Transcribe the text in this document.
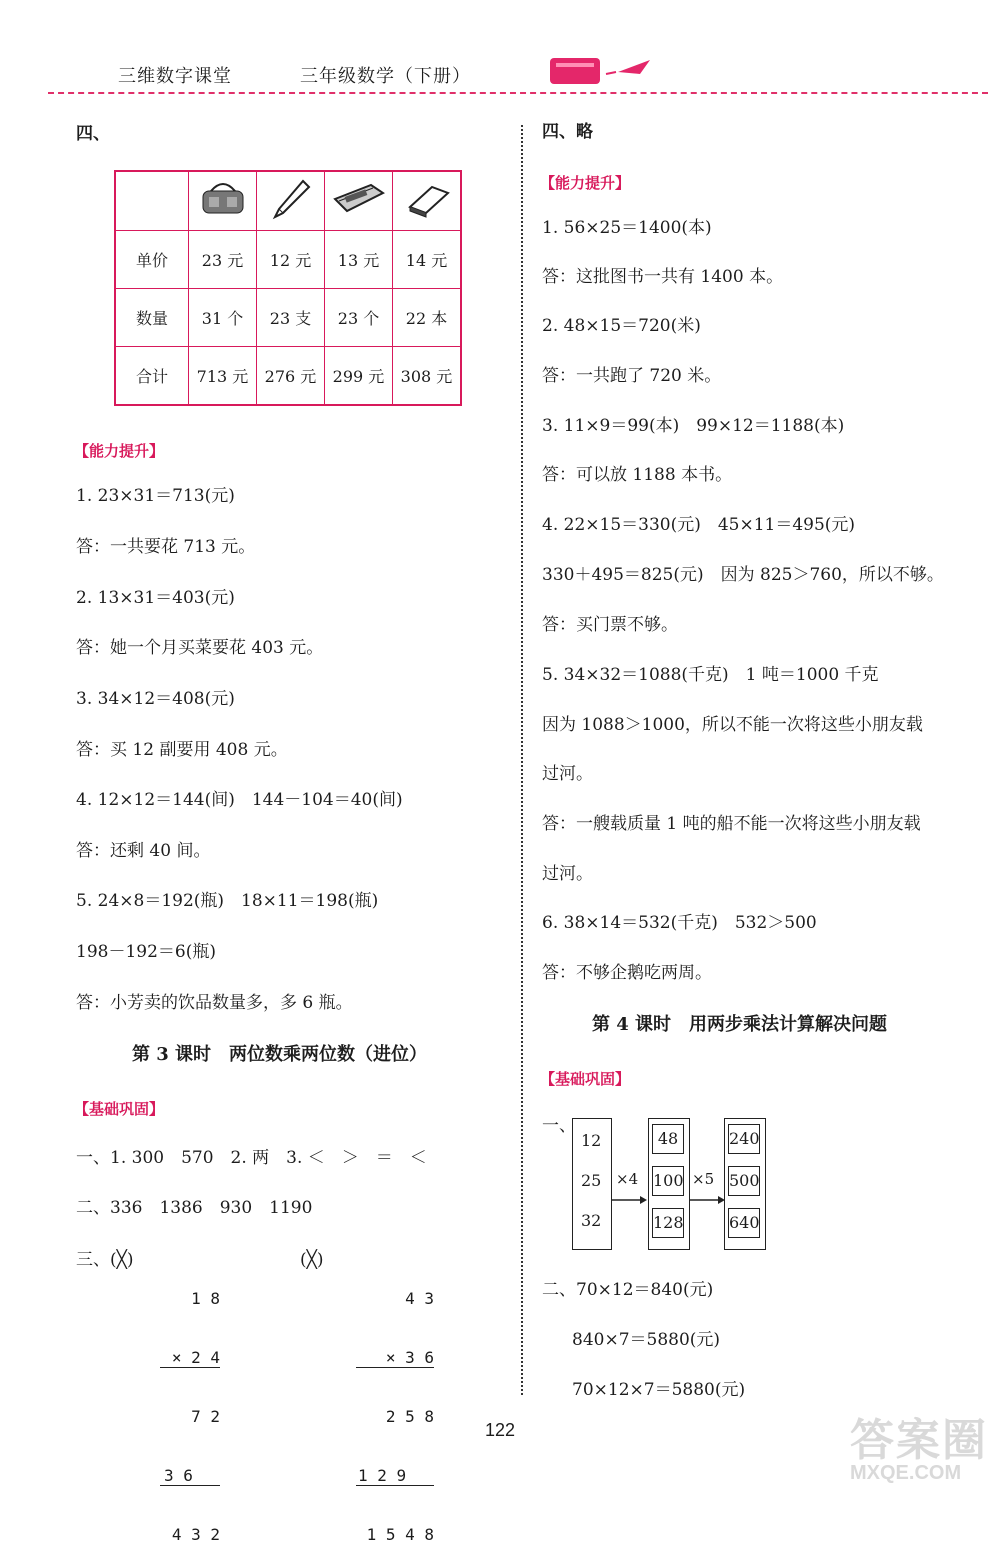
三维数字课堂	三年级数学（下册）
四、

单价	23 元	12 元	13 元	14 元
数量	31 个	23 支	23 个	22 本
合计	713 元	276 元	299 元	308 元
【能力提升】
1. 23×31＝713(元)
答：一共要花 713 元。
2. 13×31＝403(元)
答：她一个月买菜要花 403 元。
3. 34×12＝408(元)
答：买 12 副要用 408 元。
4. 12×12＝144(间)　144－104＝40(间)
答：还剩 40 间。
5. 24×8＝192(瓶)　18×11＝198(瓶)
198－192＝6(瓶)
答：小芳卖的饮品数量多，多 6 瓶。
第 3 课时　两位数乘两位数（进位）
【基础巩固】
一、1. 300　570　2. 两　3. ＜　＞　＝　＜
二、336　1386　930　1190
三、(╳)	(╳)

1 8

× 2 4

7 2

3 6

4 3 2

4 3

× 3 6

2 5 8

1 2 9

1 5 4 8

四、略
【能力提升】
1. 56×25＝1400(本)
答：这批图书一共有 1400 本。
2. 48×15＝720(米)
答：一共跑了 720 米。
3. 11×9＝99(本)　99×12＝1188(本)
答：可以放 1188 本书。
4. 22×15＝330(元)　45×11＝495(元)
330＋495＝825(元)　因为 825＞760，所以不够。
答：买门票不够。
5. 34×32＝1088(千克)　1 吨＝1000 千克
因为 1088＞1000，所以不能一次将这些小朋友载
过河。
答：一艘载质量 1 吨的船不能一次将这些小朋友载
过河。
6. 38×14＝532(千克)　532＞500
答：不够企鹅吃两周。
第 4 课时　用两步乘法计算解决问题
【基础巩固】
一、
12
25
32
×4
48
100
128
×5
240
500
640
二、70×12＝840(元)
840×7＝5880(元)
70×12×7＝5880(元)
122	答案圈
MXQE.COM
